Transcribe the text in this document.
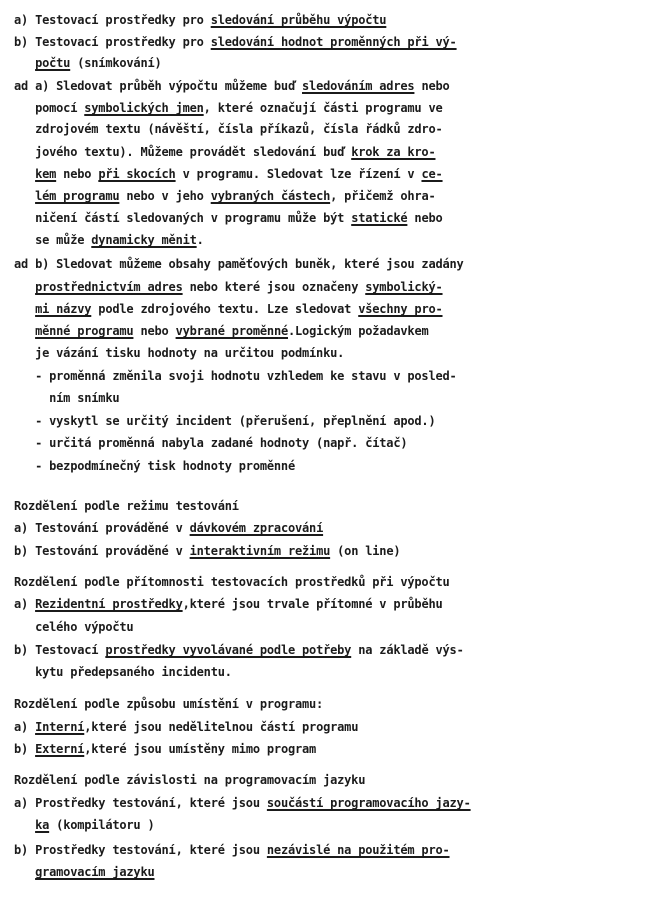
a) Testovací prostředky pro sledování průběhu výpočtu
b) Testovací prostředky pro sledování hodnot proměnných při vý-
počtu (snímkování)
ad a) Sledovat průběh výpočtu můžeme buď sledováním adres nebo
pomocí symbolických jmen, které označují části programu ve
zdrojovém textu (návěští, čísla příkazů, čísla řádků zdro-
jového textu). Můžeme provádět sledování buď krok za kro-
kem nebo při skocích v programu. Sledovat lze řízení v ce-
lém programu nebo v jeho vybraných částech, přičemž ohra-
ničení částí sledovaných v programu může být statické nebo
se může dynamicky měnit.
ad b) Sledovat můžeme obsahy paměťových buněk, které jsou zadány
prostřednictvím adres nebo které jsou označeny symbolický-
mi názvy podle zdrojového textu. Lze sledovat všechny pro-
měnné programu nebo vybrané proměnné.Logickým požadavkem
je vázání tisku hodnoty na určitou podmínku.
- proměnná změnila svoji hodnotu vzhledem ke stavu v posled-
ním snímku
- vyskytl se určitý incident (přerušení, přeplnění apod.)
- určitá proměnná nabyla zadané hodnoty (např. čítač)
- bezpodmínečný tisk hodnoty proměnné
Rozdělení podle režimu testování
a) Testování prováděné v dávkovém zpracování
b) Testování prováděné v interaktivním režimu (on line)
Rozdělení podle přítomnosti testovacích prostředků při výpočtu
a) Rezidentní prostředky,které jsou trvale přítomné v průběhu
celého výpočtu
b) Testovací prostředky vyvolávané podle potřeby na základě výs-
kytu předepsaného incidentu.
Rozdělení podle způsobu umístění v programu:
a) Interní,které jsou nedělitelnou částí programu
b) Externí,které jsou umístěny mimo program
Rozdělení podle závislosti na programovacím jazyku
a) Prostředky testování, které jsou součástí programovacího jazy-
ka (kompilátoru )
b) Prostředky testování, které jsou nezávislé na použitém pro-
gramovacím jazyku
